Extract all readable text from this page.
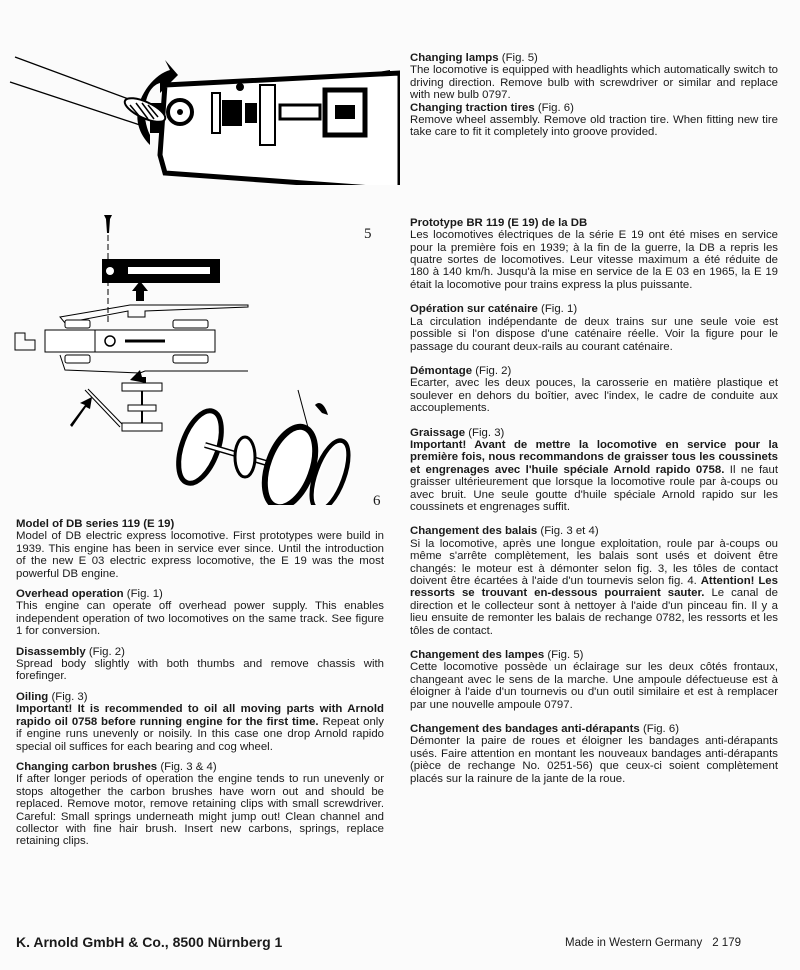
5
6
Model of DB series 119 (E 19)

Model of DB electric express locomotive. First prototypes were build in 1939. This engine has been in service ever since. Until the introduction of the new E 03 electric express locomotive, the E 19 was the most powerful DB engine.

Overhead operation (Fig. 1)

This engine can operate off overhead power supply. This enables independent operation of two locomotives on the same track. See figure 1 for conversion.

Disassembly (Fig. 2)

Spread body slightly with both thumbs and remove chassis with forefinger.

Oiling (Fig. 3)

Important! It is recommended to oil all moving parts with Arnold rapido oil 0758 before running engine for the first time. Repeat only if engine runs unevenly or noisily. In this case one drop Arnold rapido special oil suffices for each bearing and cog wheel.

Changing carbon brushes (Fig. 3 & 4)

If after longer periods of operation the engine tends to run unevenly or stops altogether the carbon brushes have worn out and should be replaced. Remove motor, remove retaining clips with small screwdriver. Careful: Small springs underneath might jump out! Clean channel and collector with fine hair brush. Insert new carbons, springs, replace retaining clips.

Changing lamps (Fig. 5)

The locomotive is equipped with headlights which automatically switch to driving direction. Remove bulb with screwdriver or similar and replace with new bulb 0797.

Changing traction tires (Fig. 6)

Remove wheel assembly. Remove old traction tire. When fitting new tire take care to fit it completely into groove provided.

Prototype BR 119 (E 19) de la DB

Les locomotives électriques de la série E 19 ont été mises en service pour la première fois en 1939; à la fin de la guerre, la DB a repris les quatre sortes de locomotives. Leur vitesse maximum a été réduite de 180 à 140 km/h. Jusqu'à la mise en service de la E 03 en 1965, la E 19 était la locomotive pour trains express la plus puissante.

Opération sur caténaire (Fig. 1)

La circulation indépendante de deux trains sur une seule voie est possible si l'on dispose d'une caténaire réelle. Voir la figure pour le passage du courant deux-rails au courant caténaire.

Démontage (Fig. 2)

Ecarter, avec les deux pouces, la carosserie en matière plastique et soulever en dehors du boîtier, avec l'index, le cadre de conduite aux accouplements.

Graissage (Fig. 3)

Important! Avant de mettre la locomotive en service pour la première fois, nous recommandons de graisser tous les coussinets et engrenages avec l'huile spéciale Arnold rapido 0758. Il ne faut graisser ultérieurement que lorsque la locomotive roule par à-coups ou avec bruit. Une seule goutte d'huile spéciale Arnold rapido sur les coussinets et engrenages suffit.

Changement des balais (Fig. 3 et 4)

Si la locomotive, après une longue exploitation, roule par à-coups ou même s'arrête complètement, les balais sont usés et doivent être changés: le moteur est à démonter selon fig. 3, les tôles de contact doivent être écartées à l'aide d'un tournevis selon fig. 4. Attention! Les ressorts se trouvant en-dessous pourraient sauter. Le canal de direction et le collecteur sont à nettoyer à l'aide d'un pinceau fin. Il y a lieu ensuite de remonter les balais de rechange 0782, les ressorts et les tôles de contact.

Changement des lampes (Fig. 5)

Cette locomotive possède un éclairage sur les deux côtés frontaux, changeant avec le sens de la marche. Une ampoule défectueuse est à éloigner à l'aide d'un tournevis ou d'un outil similaire et est à remplacer par une nouvelle ampoule 0797.

Changement des bandages anti-dérapants (Fig. 6)

Démonter la paire de roues et éloigner les bandages anti-dérapants usés. Faire attention en montant les nouveaux bandages anti-dérapants (pièce de rechange No. 0251-56) que ceux-ci soient complètement placés sur la rainure de la jante de la roue.

K. Arnold GmbH & Co., 8500 Nürnberg 1	Made in Western Germany 2 179
